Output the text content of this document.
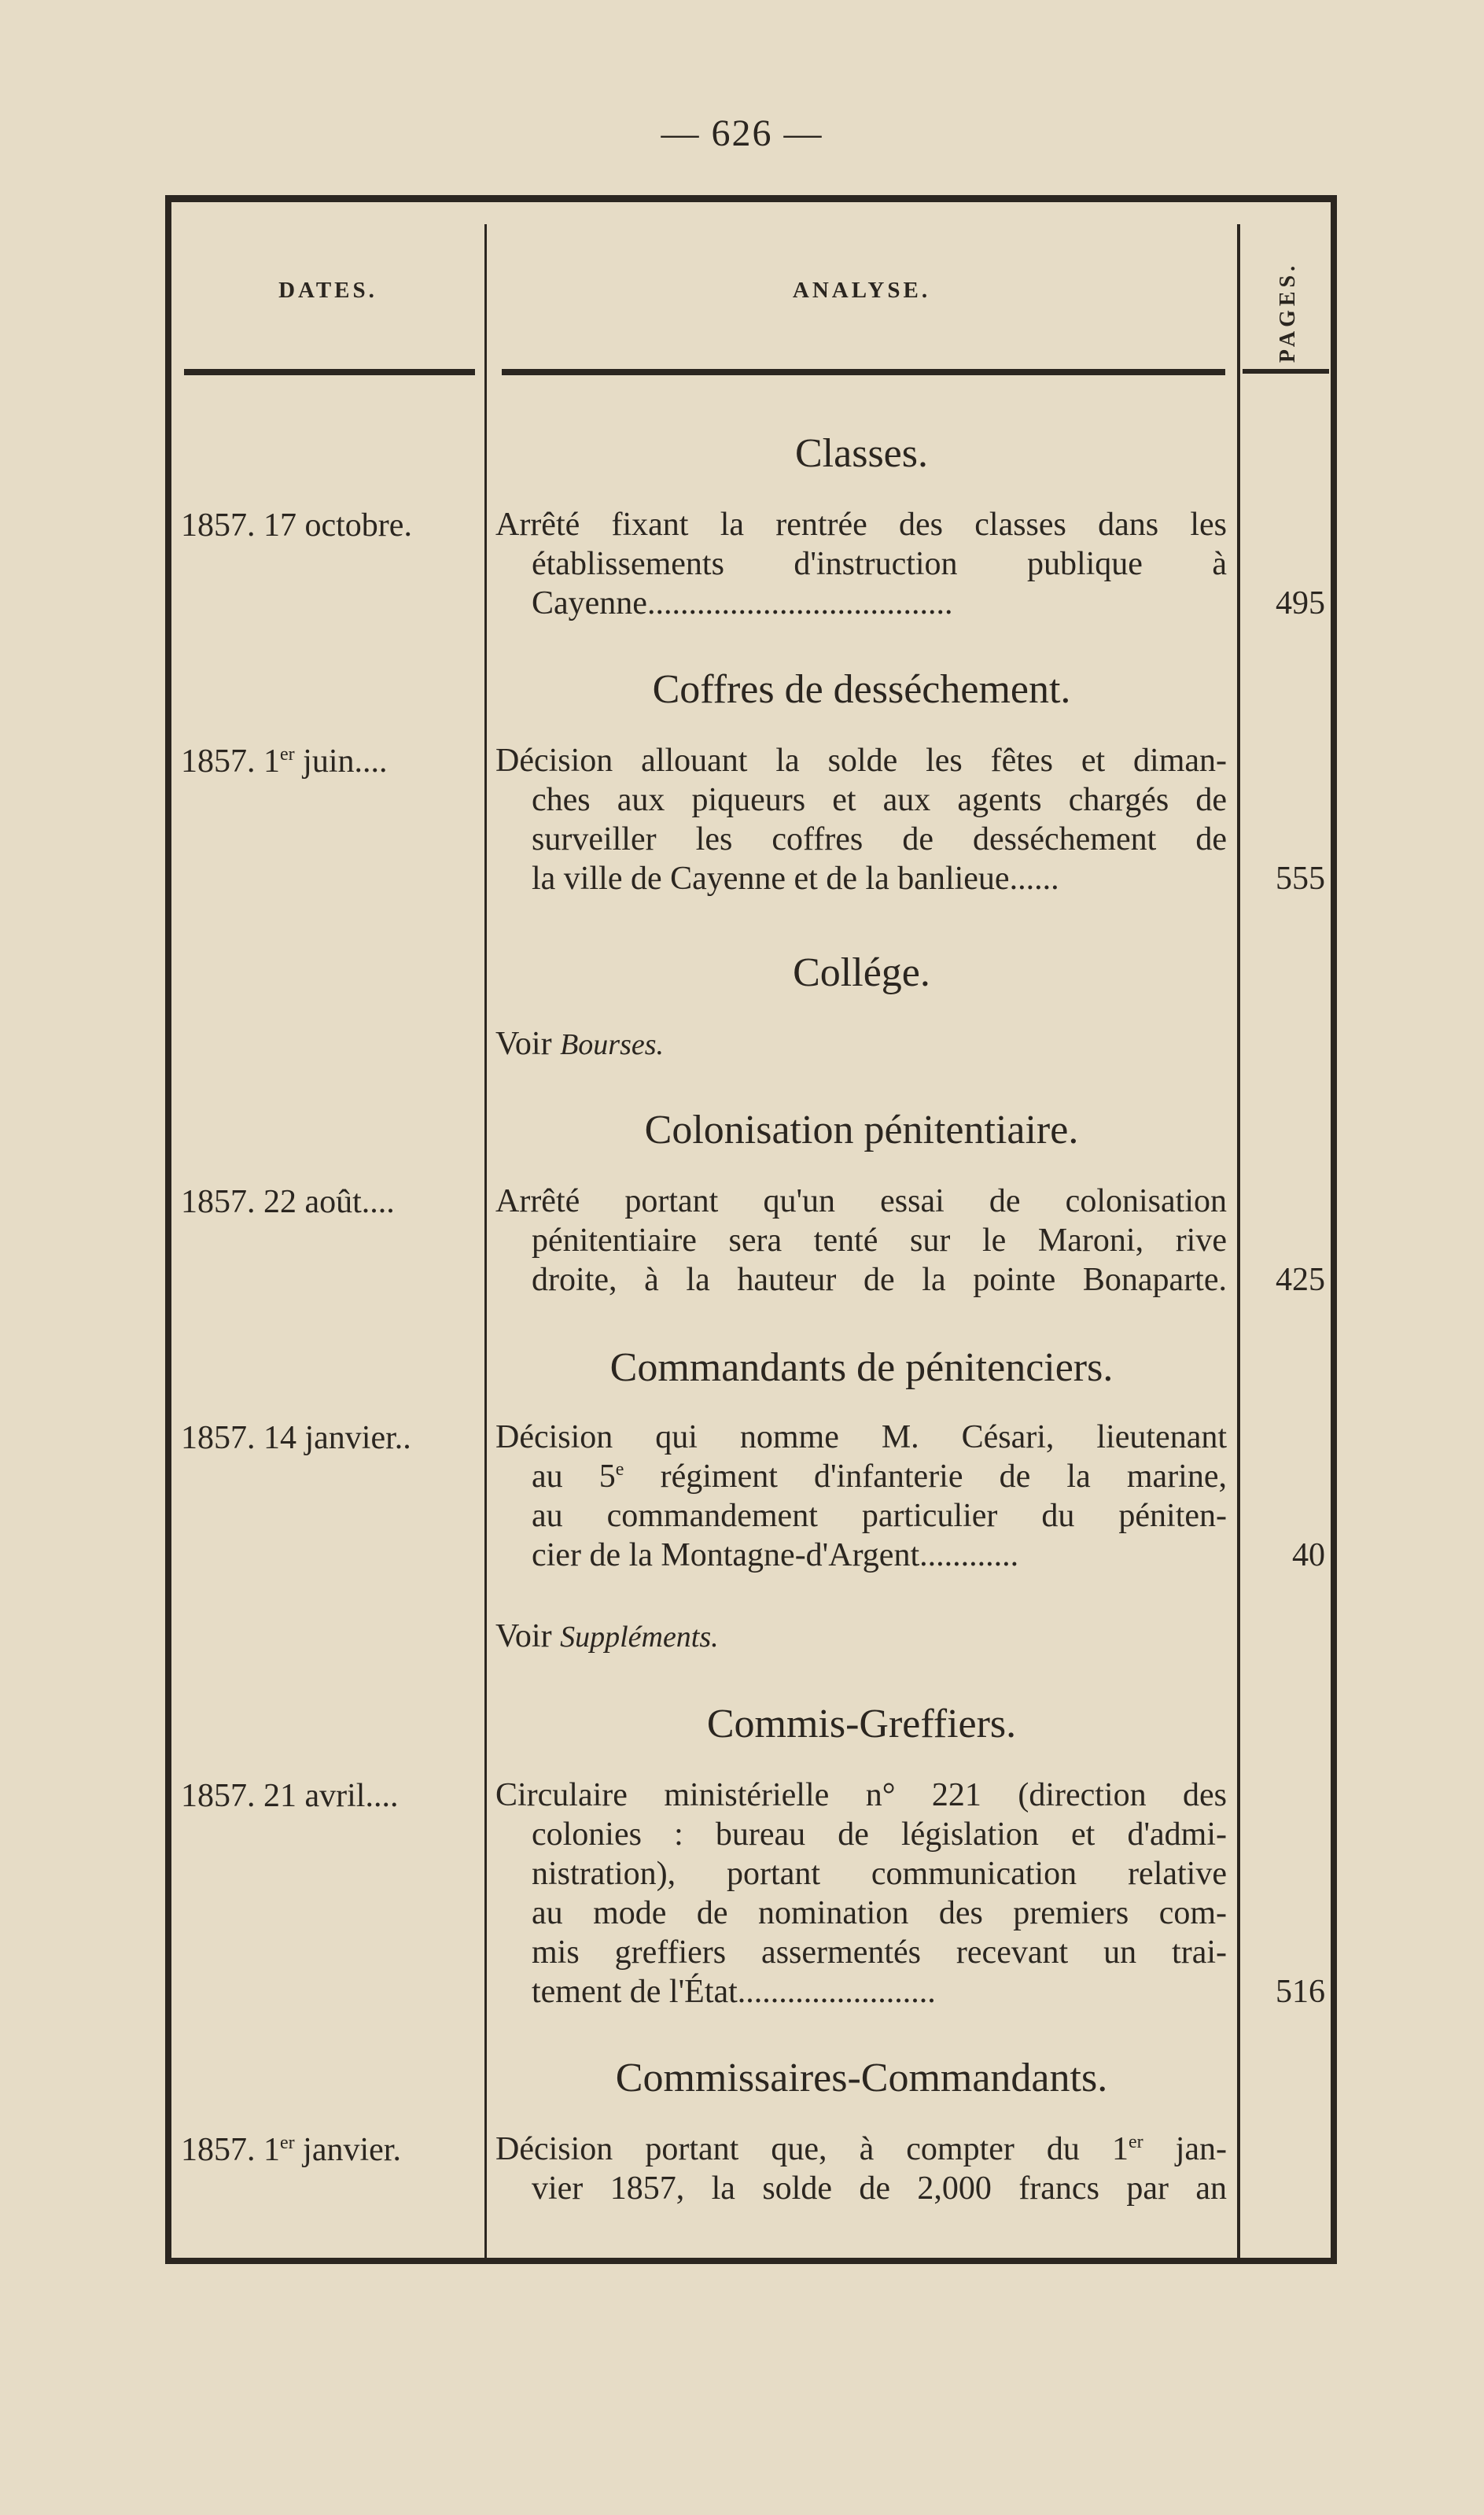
— 626 —
DATES.	ANALYSE.	PAGES.
Classes.
1857. 17 octobre.	Arrêté fixant la rentrée des classes dans les
établissements d'instruction publique à
Cayenne.....................................	495
Coffres de desséchement.
1857. 1er juin....	Décision allouant la solde les fêtes et diman-
ches aux piqueurs et aux agents chargés de
surveiller les coffres de desséchement de
la ville de Cayenne et de la banlieue......	555
Collége.
Voir Bourses.
Colonisation pénitentiaire.
1857. 22 août....	Arrêté portant qu'un essai de colonisation
pénitentiaire sera tenté sur le Maroni, rive
droite, à la hauteur de la pointe Bonaparte.	425
Commandants de pénitenciers.
1857. 14 janvier..	Décision qui nomme M. Césari, lieutenant
au 5e régiment d'infanterie de la marine,
au commandement particulier du péniten-
cier de la Montagne-d'Argent............	40
Voir Suppléments.
Commis-Greffiers.
1857. 21 avril....	Circulaire ministérielle n° 221 (direction des
colonies : bureau de législation et d'admi-
nistration), portant communication relative
au mode de nomination des premiers com-
mis greffiers assermentés recevant un trai-
tement de l'État........................	516
Commissaires-Commandants.
1857. 1er janvier.	Décision portant que, à compter du 1er jan-
vier 1857, la solde de 2,000 francs par an
